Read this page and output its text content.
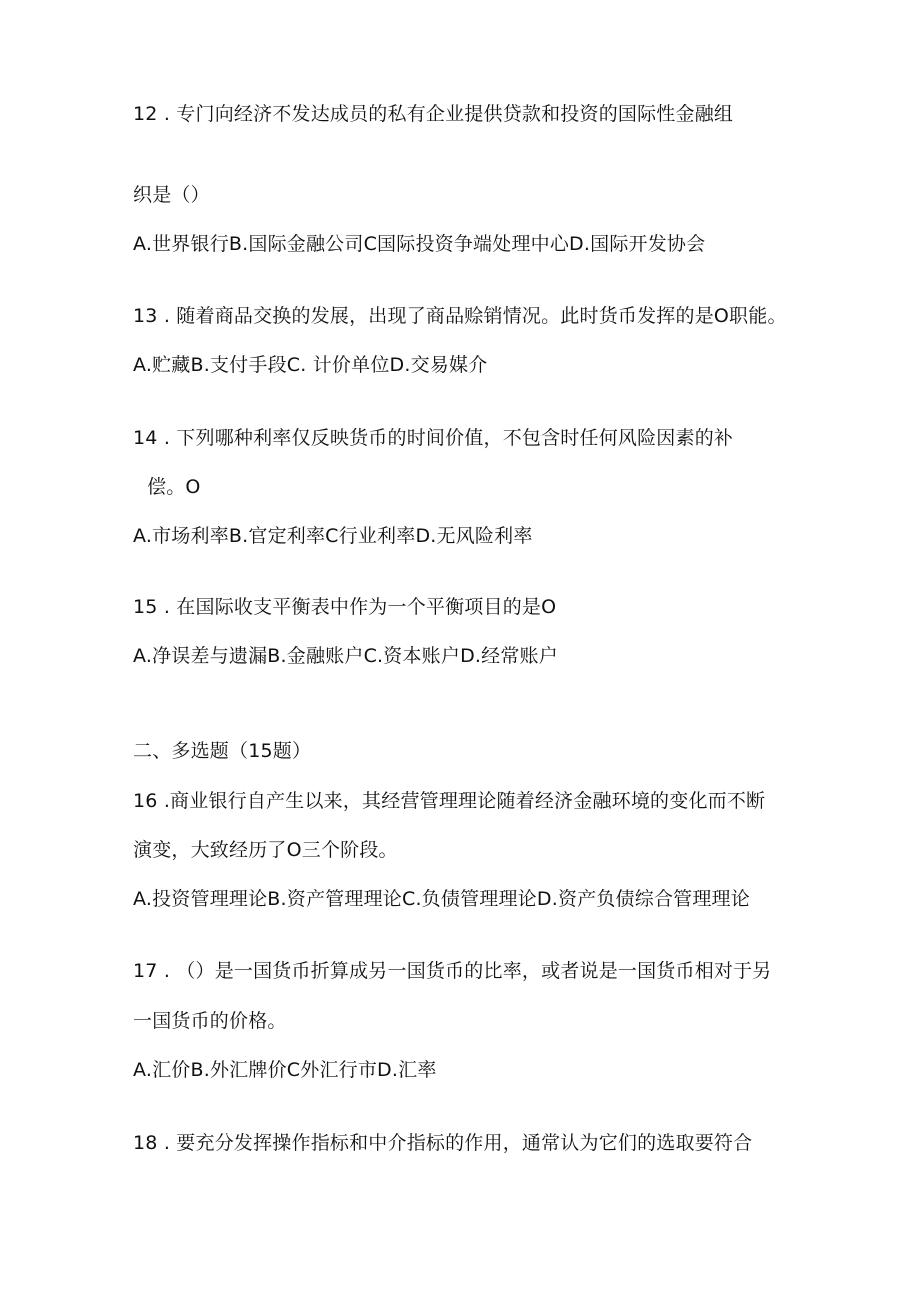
12 . 专门向经济不发达成员的私有企业提供贷款和投资的国际性金融组
织是（）
A.世界银行B.国际金融公司C国际投资争端处理中心D.国际开发协会
13 . 随着商品交换的发展，出现了商品赊销情况。此时货币发挥的是O职能。
A.贮藏B.支付手段C. 计价单位D.交易媒介
14 . 下列哪种利率仅反映货币的时间价值，不包含时任何风险因素的补
偿。O
A.市场利率B.官定利率C行业利率D.无风险利率
15 . 在国际收支平衡表中作为一个平衡项目的是O
A.净误差与遗漏B.金融账户C.资本账户D.经常账户
二、多选题（15题）
16 .商业银行自产生以来，其经营管理理论随着经济金融环境的变化而不断
演变，大致经历了O三个阶段。
A.投资管理理论B.资产管理理论C.负债管理理论D.资产负债综合管理理论
17 . （）是一国货币折算成另一国货币的比率，或者说是一国货币相对于另
一国货币的价格。
A.汇价B.外汇牌价C外汇行市D.汇率
18 . 要充分发挥操作指标和中介指标的作用，通常认为它们的选取要符合
